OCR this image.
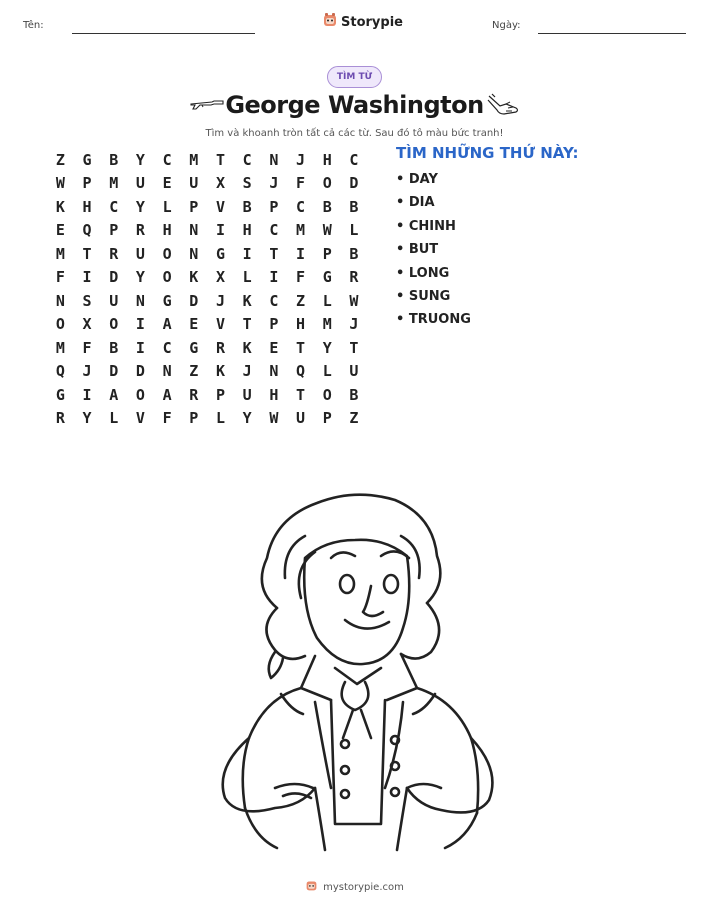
Tên:	Ngày:
Storypie
TÌM TỪ
George Washington
Tìm và khoanh tròn tất cả các từ. Sau đó tô màu bức tranh!
Z	G	B	Y	C	M	T	C	N	J	H	C
W	P	M	U	E	U	X	S	J	F	O	D
K	H	C	Y	L	P	V	B	P	C	B	B
E	Q	P	R	H	N	I	H	C	M	W	L
M	T	R	U	O	N	G	I	T	I	P	B
F	I	D	Y	O	K	X	L	I	F	G	R
N	S	U	N	G	D	J	K	C	Z	L	W
O	X	O	I	A	E	V	T	P	H	M	J
M	F	B	I	C	G	R	K	E	T	Y	T
Q	J	D	D	N	Z	K	J	N	Q	L	U
G	I	A	O	A	R	P	U	H	T	O	B
R	Y	L	V	F	P	L	Y	W	U	P	Z
TÌM NHỮNG THỨ NÀY:
• DAY
• DIA
• CHINH
• BUT
• LONG
• SUNG
• TRUONG
mystorypie.com
